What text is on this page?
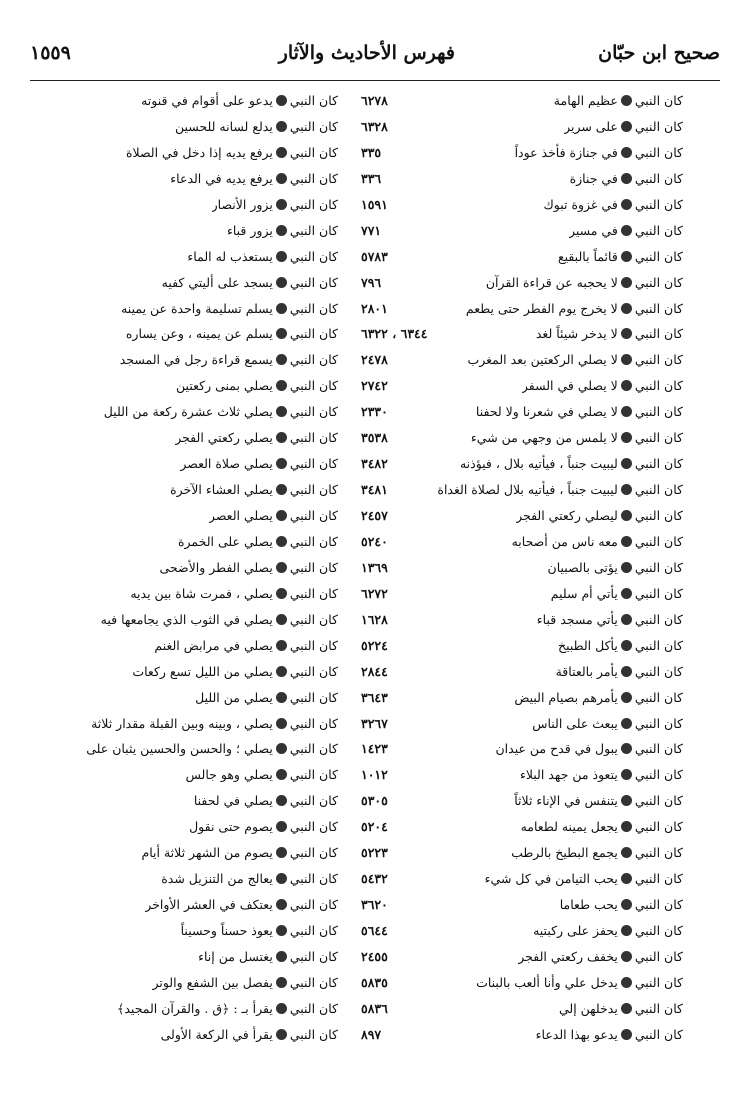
صحيح ابن حبّان
فهرس الأحاديث والآثار
١٥٥٩
كان النبيعظيم الهامة
٦٢٧٨
كان النبيعلى سرير
٦٣٢٨
كان النبيفي جنازة فأخذ عوداً
٣٣٥
كان النبيفي جنازة
٣٣٦
كان النبيفي غزوة تبوك
١٥٩١
كان النبيفي مسير
٧٧١
كان النبيقائماً بالبقيع
٥٧٨٣
كان النبيلا يحجبه عن قراءة القرآن
٧٩٦
كان النبيلا يخرج يوم الفطر حتى يطعم
٢٨٠١
كان النبيلا يدخر شيئاً لغد
٦٣٤٤ ، ٦٣٢٢
كان النبيلا يصلي الركعتين بعد المغرب
٢٤٧٨
كان النبيلا يصلي في السفر
٢٧٤٢
كان النبيلا يصلي في شعرنا ولا لحفنا
٢٣٣٠
كان النبيلا يلمس من وجهي من شيء
٣٥٣٨
كان النبيليبيت جنباً ، فيأتيه بلال ، فيؤذنه
٣٤٨٢
كان النبيليبيت جنباً ، فيأتيه بلال لصلاة الغداة
٣٤٨١
كان النبيليصلي ركعتي الفجر
٢٤٥٧
كان النبيمعه ناس من أصحابه
٥٢٤٠
كان النبييؤتى بالصبيان
١٣٦٩
كان النبييأتي أم سليم
٦٢٧٢
كان النبييأتي مسجد قباء
١٦٢٨
كان النبييأكل الطبيخ
٥٢٢٤
كان النبييأمر بالعتاقة
٢٨٤٤
كان النبييأمرهم بصيام البيض
٣٦٤٣
كان النبييبعث على الناس
٣٢٦٧
كان النبييبول في قدح من عيدان
١٤٢٣
كان النبييتعوذ من جهد البلاء
١٠١٢
كان النبييتنفس في الإناء ثلاثاً
٥٣٠٥
كان النبييجعل يمينه لطعامه
٥٢٠٤
كان النبييجمع البطيخ بالرطب
٥٢٢٣
كان النبييحب التيامن في كل شيء
٥٤٣٢
كان النبييحب طعاما
٣٦٢٠
كان النبييحفز على ركبتيه
٥٦٤٤
كان النبييخفف ركعتي الفجر
٢٤٥٥
كان النبييدخل علي وأنا ألعب بالبنات
٥٨٣٥
كان النبييدخلهن إلي
٥٨٣٦
كان النبييدعو بهذا الدعاء
٨٩٧
كان النبييدعو على أقوام في قنوته
كان النبييدلع لسانه للحسين
كان النبييرفع يديه إذا دخل في الصلاة
كان النبييرفع يديه في الدعاء
كان النبييزور الأنصار
كان النبييزور قباء
كان النبييستعذب له الماء
كان النبييسجد على أليتي كفيه
كان النبييسلم تسليمة واحدة عن يمينه
كان النبييسلم عن يمينه ، وعن يساره
كان النبييسمع قراءة رجل في المسجد
كان النبييصلي بمنى ركعتين
كان النبييصلي ثلاث عشرة ركعة من الليل
كان النبييصلي ركعتي الفجر
كان النبييصلي صلاة العصر
كان النبييصلي العشاء الآخرة
كان النبييصلي العصر
كان النبييصلي على الخمرة
كان النبييصلي الفطر والأضحى
كان النبييصلي ، فمرت شاة بين يديه
كان النبييصلي في الثوب الذي يجامعها فيه
كان النبييصلي في مرابض الغنم
كان النبييصلي من الليل تسع ركعات
كان النبييصلي من الليل
كان النبييصلي ، وبينه وبين القبلة مقدار ثلاثة
كان النبييصلي ؛ والحسن والحسين يثبان على
كان النبييصلي وهو جالس
كان النبييصلي في لحفنا
كان النبييصوم حتى نقول
كان النبييصوم من الشهر ثلاثة أيام
كان النبييعالج من التنزيل شدة
كان النبييعتكف في العشر الأواخر
كان النبييعوذ حسناً وحسيناً
كان النبييغتسل من إناء
كان النبييفصل بين الشفع والوتر
كان النبييقرأ بـ : ﴿ق . والقرآن المجيد﴾
كان النبييقرأ في الركعة الأولى
